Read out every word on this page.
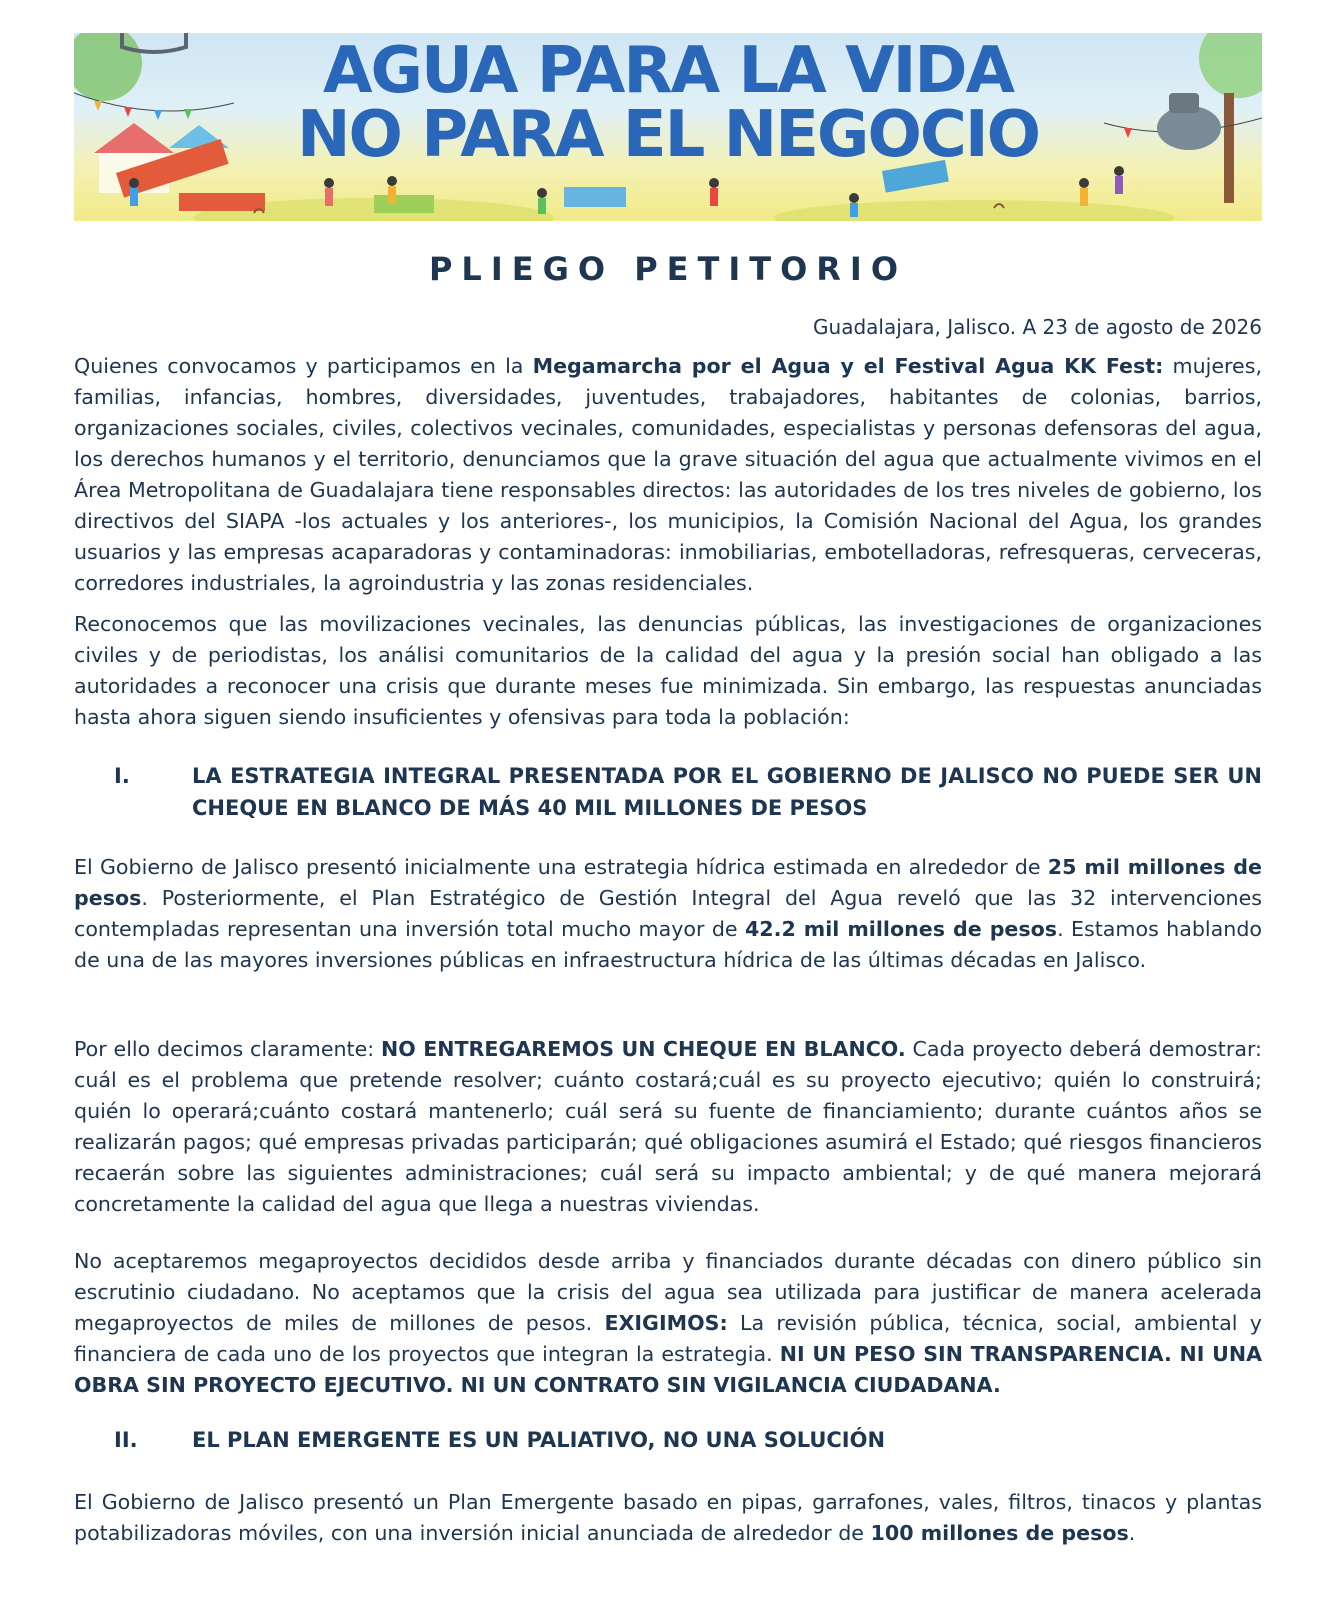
AGUA PARA LA VIDA
NO PARA EL NEGOCIO
PLIEGO PETITORIO
Guadalajara, Jalisco. A 23 de agosto de 2026
Quienes convocamos y participamos en la Megamarcha por el Agua y el Festival Agua KK Fest: mujeres, familias, infancias, hombres, diversidades, juventudes, trabajadores, habitantes de colonias, barrios, organizaciones sociales, civiles, colectivos vecinales, comunidades, especialistas y personas defensoras del agua, los derechos humanos y el territorio, denunciamos que la grave situación del agua que actualmente vivimos en el Área Metropolitana de Guadalajara tiene responsables directos: las autoridades de los tres niveles de gobierno, los directivos del SIAPA -los actuales y los anteriores-, los municipios, la Comisión Nacional del Agua, los grandes usuarios y las empresas acaparadoras y contaminadoras: inmobiliarias, embotelladoras, refresqueras, cerveceras, corredores industriales, la agroindustria y las zonas residenciales.
Reconocemos que las movilizaciones vecinales, las denuncias públicas, las investigaciones de organizaciones civiles y de periodistas, los análisi comunitarios de la calidad del agua y la presión social han obligado a las autoridades a reconocer una crisis que durante meses fue minimizada. Sin embargo, las respuestas anunciadas hasta ahora siguen siendo insuficientes y ofensivas para toda la población:
I.	LA ESTRATEGIA INTEGRAL PRESENTADA POR EL GOBIERNO DE JALISCO NO PUEDE SER UN CHEQUE EN BLANCO DE MÁS 40 MIL MILLONES DE PESOS
El Gobierno de Jalisco presentó inicialmente una estrategia hídrica estimada en alrededor de 25 mil millones de pesos. Posteriormente, el Plan Estratégico de Gestión Integral del Agua reveló que las 32 intervenciones contempladas representan una inversión total mucho mayor de 42.2 mil millones de pesos. Estamos hablando de una de las mayores inversiones públicas en infraestructura hídrica de las últimas décadas en Jalisco.
Por ello decimos claramente: NO ENTREGAREMOS UN CHEQUE EN BLANCO. Cada proyecto deberá demostrar: cuál es el problema que pretende resolver; cuánto costará;cuál es su proyecto ejecutivo; quién lo construirá; quién lo operará;cuánto costará mantenerlo; cuál será su fuente de financiamiento; durante cuántos años se realizarán pagos; qué empresas privadas participarán; qué obligaciones asumirá el Estado; qué riesgos financieros recaerán sobre las siguientes administraciones; cuál será su impacto ambiental; y de qué manera mejorará concretamente la calidad del agua que llega a nuestras viviendas.
No aceptaremos megaproyectos decididos desde arriba y financiados durante décadas con dinero público sin escrutinio ciudadano. No aceptamos que la crisis del agua sea utilizada para justificar de manera acelerada megaproyectos de miles de millones de pesos. EXIGIMOS: La revisión pública, técnica, social, ambiental y financiera de cada uno de los proyectos que integran la estrategia. NI UN PESO SIN TRANSPARENCIA. NI UNA OBRA SIN PROYECTO EJECUTIVO. NI UN CONTRATO SIN VIGILANCIA CIUDADANA.
II.	EL PLAN EMERGENTE ES UN PALIATIVO, NO UNA SOLUCIÓN
El Gobierno de Jalisco presentó un Plan Emergente basado en pipas, garrafones, vales, filtros, tinacos y plantas potabilizadoras móviles, con una inversión inicial anunciada de alrededor de 100 millones de pesos.
